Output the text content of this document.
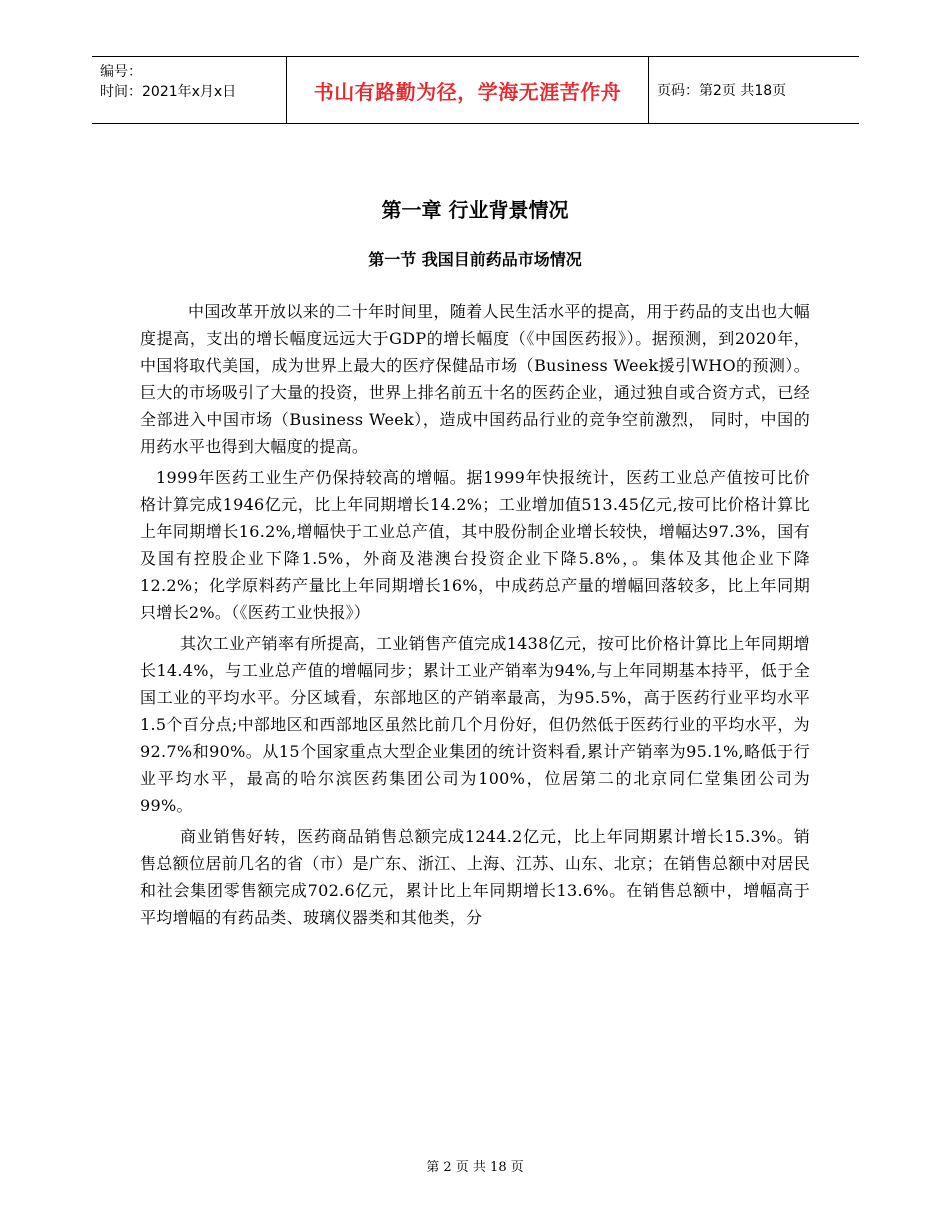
编号：
时间：2021年x月x日	书山有路勤为径，学海无涯苦作舟	页码：第2页 共18页
第一章 行业背景情况
第一节 我国目前药品市场情况

中国改革开放以来的二十年时间里，随着人民生活水平的提高，用于药品的支出也大幅度提高，支出的增长幅度远远大于GDP的增长幅度（《中国医药报》）。据预测，到2020年，中国将取代美国，成为世界上最大的医疗保健品市场（Business Week援引WHO的预测）。巨大的市场吸引了大量的投资，世界上排名前五十名的医药企业，通过独自或合资方式，已经全部进入中国市场（Business Week），造成中国药品行业的竞争空前激烈， 同时，中国的用药水平也得到大幅度的提高。

1999年医药工业生产仍保持较高的增幅。据1999年快报统计，医药工业总产值按可比价格计算完成1946亿元，比上年同期增长14.2%；工业增加值513.45亿元,按可比价格计算比上年同期增长16.2%,增幅快于工业总产值，其中股份制企业增长较快，增幅达97.3%，国有及国有控股企业下降1.5%，外商及港澳台投资企业下降5.8%，。集体及其他企业下降12.2%；化学原料药产量比上年同期增长16%，中成药总产量的增幅回落较多，比上年同期只增长2%。（《医药工业快报》）

其次工业产销率有所提高，工业销售产值完成1438亿元，按可比价格计算比上年同期增长14.4%，与工业总产值的增幅同步；累计工业产销率为94%,与上年同期基本持平，低于全国工业的平均水平。分区域看，东部地区的产销率最高，为95.5%，高于医药行业平均水平1.5个百分点;中部地区和西部地区虽然比前几个月份好，但仍然低于医药行业的平均水平，为92.7%和90%。从15个国家重点大型企业集团的统计资料看,累计产销率为95.1%,略低于行业平均水平，最高的哈尔滨医药集团公司为100%，位居第二的北京同仁堂集团公司为99%。

商业销售好转，医药商品销售总额完成1244.2亿元，比上年同期累计增长15.3%。销售总额位居前几名的省（市）是广东、浙江、上海、江苏、山东、北京；在销售总额中对居民和社会集团零售额完成702.6亿元，累计比上年同期增长13.6%。在销售总额中，增幅高于平均增幅的有药品类、玻璃仪器类和其他类，分

第 2 页 共 18 页
